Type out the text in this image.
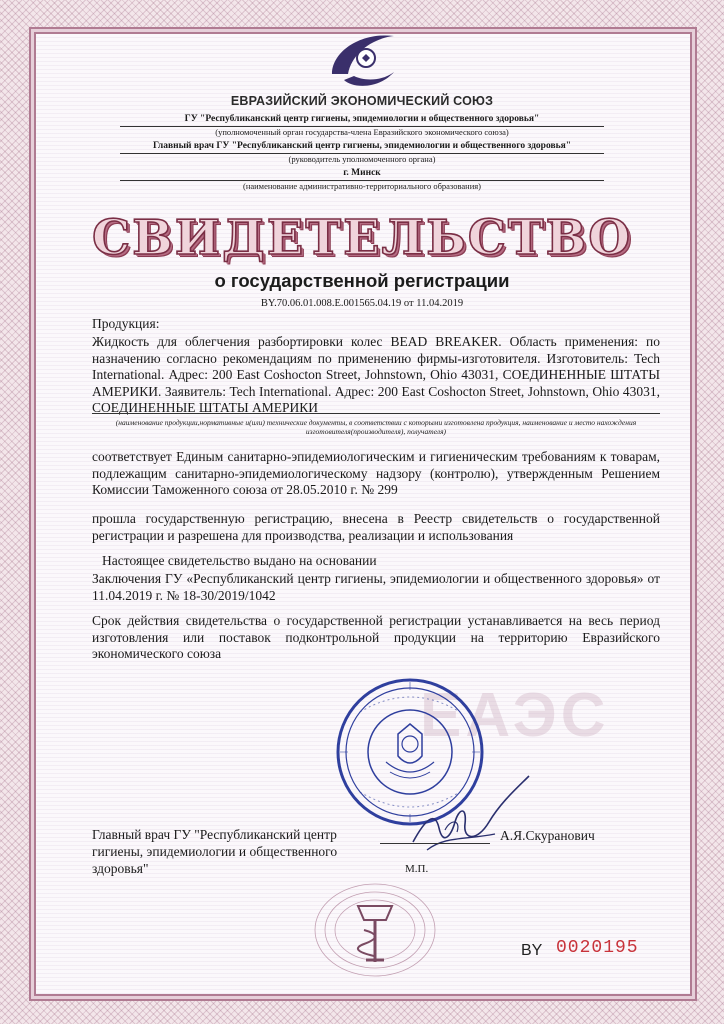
ЕВРАЗИЙСКИЙ ЭКОНОМИЧЕСКИЙ СОЮЗ
ГУ "Республиканский центр гигиены, эпидемиологии и общественного здоровья"
(уполномоченный орган государства-члена Евразийского экономического союза)
Главный врач ГУ "Республиканский центр гигиены, эпидемиологии и общественного здоровья"
(руководитель уполномоченного органа)
г. Минск
(наименование административно-территориального образования)
СВИДЕТЕЛЬСТВО
о государственной регистрации
BY.70.06.01.008.E.001565.04.19 от 11.04.2019
Продукция:
Жидкость для облегчения разбортировки колес BEAD BREAKER. Область применения: по назначению согласно рекомендациям по применению фирмы-изготовителя. Изготовитель: Tech International. Адрес: 200 East Coshocton Street, Johnstown, Ohio 43031, СОЕДИНЕННЫЕ ШТАТЫ АМЕРИКИ. Заявитель: Tech International. Адрес: 200 East Coshocton Street, Johnstown, Ohio 43031, СОЕДИНЕННЫЕ ШТАТЫ АМЕРИКИ
(наименование продукции,нормативные и(или) технические документы, в соответствии с которыми изготовлена продукция, наименование и место нахождения изготовителя(производителя), получателя)
соответствует Единым санитарно-эпидемиологическим и гигиеническим требованиям к товарам, подлежащим санитарно-эпидемиологическому надзору (контролю), утвержденным Решением Комиссии Таможенного союза от 28.05.2010 г. № 299
прошла государственную регистрацию, внесена в Реестр свидетельств о государственной регистрации и разрешена для производства, реализации и использования
Настоящее свидетельство выдано на основании
Заключения ГУ «Республиканский центр гигиены, эпидемиологии и общественного здоровья» от 11.04.2019 г. № 18-30/2019/1042
Срок действия свидетельства о государственной регистрации устанавливается на весь период изготовления или поставок подконтрольной продукции на территорию Евразийского экономического союза
ЕАЭС
Главный врач ГУ "Республиканский центр гигиены, эпидемиологии и общественного здоровья"
А.Я.Скуранович
М.П.
BY 0020195
